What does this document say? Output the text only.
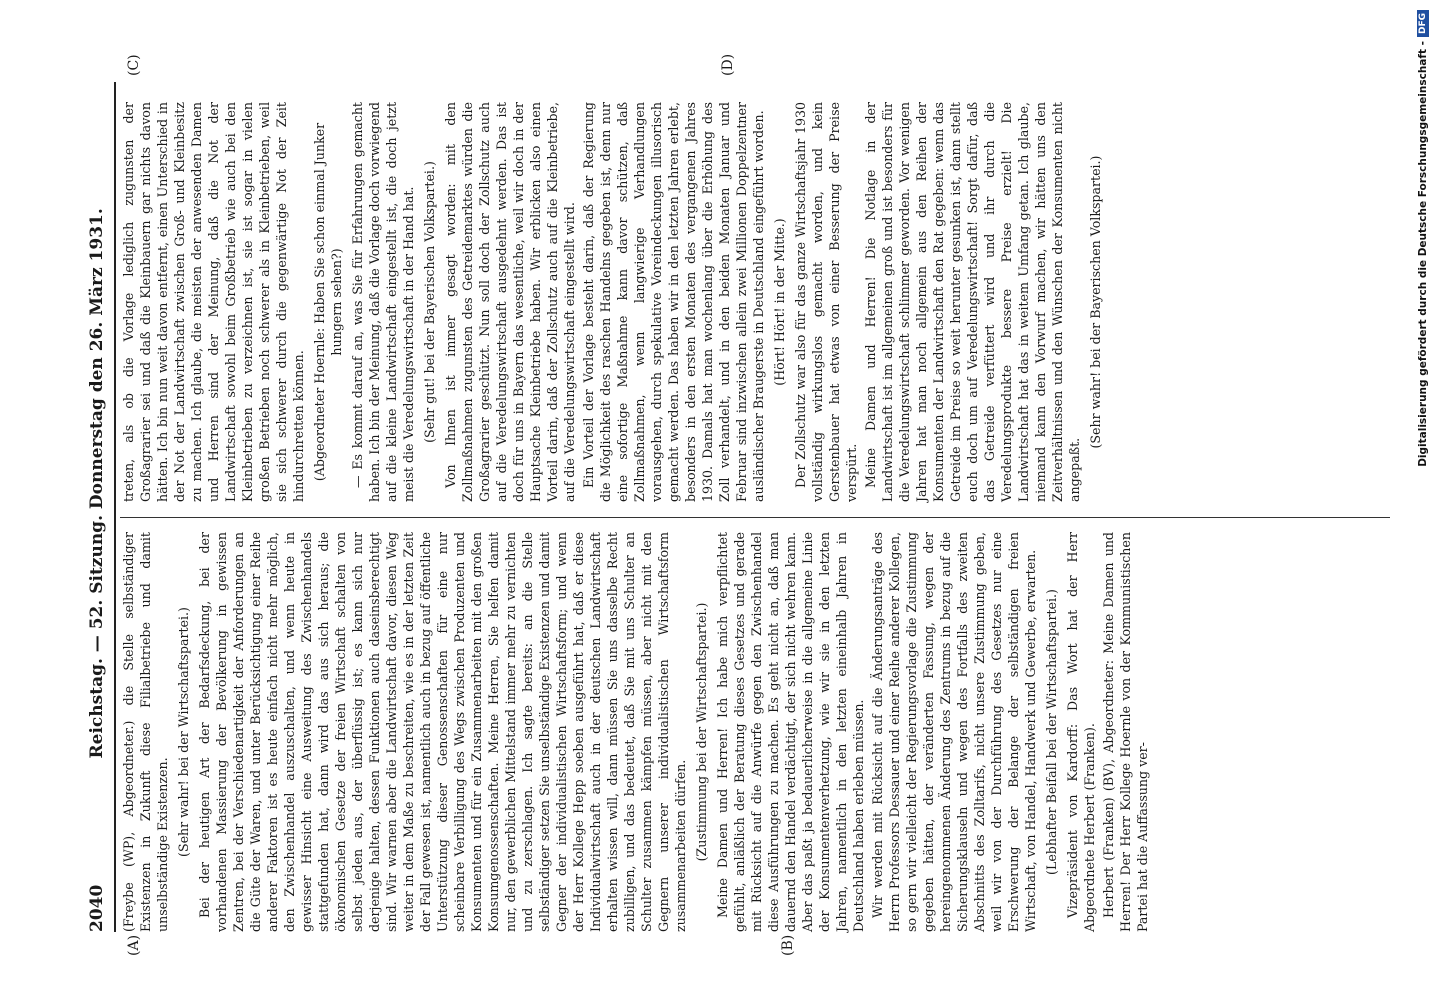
2040
Reichstag. — 52. Sitzung. Donnerstag den 26. März 1931.
(A)	(B)
(C)	(D)

(Freybe (WP), Abgeordneter.) die Stelle selbständiger Existenzen in Zukunft diese Filialbetriebe und damit unselbständige Existenzen. (Sehr wahr! bei der Wirtschaftspartei.) Bei der heutigen Art der Bedarfsdeckung, bei der vorhandenen Massierung der Bevölkerung in gewissen Zentren, bei der Verschiedenartigkeit der Anforderungen an die Güte der Waren, und unter Berücksichtigung einer Reihe anderer Faktoren ist es heute einfach nicht mehr möglich, den Zwischenhandel auszuschalten, und wenn heute in gewisser Hinsicht eine Ausweitung des Zwischenhandels stattgefunden hat, dann wird das aus sich heraus; die ökonomischen Gesetze der freien Wirtschaft schalten von selbst jeden aus, der überflüssig ist; es kann sich nur derjenige halten, dessen Funktionen auch daseinsberechtigt sind. Wir warnen aber die Landwirtschaft davor, diesen Weg weiter in dem Maße zu beschreiten, wie es in der letzten Zeit der Fall gewesen ist, namentlich auch in bezug auf öffentliche Unterstützung dieser Genossenschaften für eine nur scheinbare Verbilligung des Wegs zwischen Produzenten und Konsumenten und für ein Zusammenarbeiten mit den großen Konsumgenossenschaften. Meine Herren, Sie helfen damit nur, den gewerblichen Mittelstand immer mehr zu vernichten und zu zerschlagen. Ich sagte bereits: an die Stelle selbständiger setzen Sie unselbständige Existenzen und damit Gegner der individualistischen Wirtschaftsform; und wenn der Herr Kollege Hepp soeben ausgeführt hat, daß er diese Individualwirtschaft auch in der deutschen Landwirtschaft erhalten wissen will, dann müssen Sie uns dasselbe Recht zubilligen, und das bedeutet, daß Sie mit uns Schulter an Schulter zusammen kämpfen müssen, aber nicht mit den Gegnern unserer individualistischen Wirtschaftsform zusammenarbeiten dürfen. (Zustimmung bei der Wirtschaftspartei.) Meine Damen und Herren! Ich habe mich verpflichtet gefühlt, anläßlich der Beratung dieses Gesetzes und gerade mit Rücksicht auf die Anwürfe gegen den Zwischenhandel diese Ausführungen zu machen. Es geht nicht an, daß man dauernd den Handel verdächtigt, der sich nicht wehren kann. Aber das paßt ja bedauerlicherweise in die allgemeine Linie der Konsumentenverhetzung, wie wir sie in den letzten Jahren, namentlich in den letzten eineinhalb Jahren in Deutschland haben erleben müssen. Wir werden mit Rücksicht auf die Änderungsanträge des Herrn Professors Dessauer und einer Reihe anderer Kollegen, so gern wir vielleicht der Regierungsvorlage die Zustimmung gegeben hätten, der veränderten Fassung, wegen der hereingenommenen Änderung des Zentrums in bezug auf die Sicherungsklauseln und wegen des Fortfalls des zweiten Abschnitts des Zolltarifs, nicht unsere Zustimmung geben, weil wir von der Durchführung des Gesetzes nur eine Erschwerung der Belange der selbständigen freien Wirtschaft, von Handel, Handwerk und Gewerbe, erwarten. (Lebhafter Beifall bei der Wirtschaftspartei.) Vizepräsident von Kardorff: Das Wort hat der Herr Abgeordnete Herbert (Franken). Herbert (Franken) (BV), Abgeordneter: Meine Damen und Herren! Der Herr Kollege Hoernle von der Kommunistischen Partei hat die Auffassung ver-

treten, als ob die Vorlage lediglich zugunsten der Großagrarier sei und daß die Kleinbauern gar nichts davon hätten. Ich bin nun weit davon entfernt, einen Unterschied in der Not der Landwirtschaft zwischen Groß- und Kleinbesitz zu machen. Ich glaube, die meisten der anwesenden Damen und Herren sind der Meinung, daß die Not der Landwirtschaft sowohl beim Großbetrieb wie auch bei den Kleinbetrieben zu verzeichnen ist, sie ist sogar in vielen großen Betrieben noch schwerer als in Kleinbetrieben, weil sie sich schwerer durch die gegenwärtige Not der Zeit hindurchretten können. (Abgeordneter Hoernle: Haben Sie schon einmal Junker hungern sehen?) — Es kommt darauf an, was Sie für Erfahrungen gemacht haben. Ich bin der Meinung, daß die Vorlage doch vorwiegend auf die kleine Landwirtschaft eingestellt ist, die doch jetzt meist die Veredelungswirtschaft in der Hand hat. (Sehr gut! bei der Bayerischen Volkspartei.) Von Ihnen ist immer gesagt worden: mit den Zollmaßnahmen zugunsten des Getreidemarktes würden die Großagrarier geschützt. Nun soll doch der Zollschutz auch auf die Veredelungswirtschaft ausgedehnt werden. Das ist doch für uns in Bayern das wesentliche, weil wir doch in der Hauptsache Kleinbetriebe haben. Wir erblicken also einen Vorteil darin, daß der Zollschutz auch auf die Kleinbetriebe, auf die Veredelungswirtschaft eingestellt wird. Ein Vorteil der Vorlage besteht darin, daß der Regierung die Möglichkeit des raschen Handelns gegeben ist, denn nur eine sofortige Maßnahme kann davor schützen, daß Zollmaßnahmen, wenn langwierige Verhandlungen vorausgehen, durch spekulative Voreindeckungen illusorisch gemacht werden. Das haben wir in den letzten Jahren erlebt, besonders in den ersten Monaten des vergangenen Jahres 1930. Damals hat man wochenlang über die Erhöhung des Zoll verhandelt, und in den beiden Monaten Januar und Februar sind inzwischen allein zwei Millionen Doppelzentner ausländischer Braugerste in Deutschland eingeführt worden. (Hört! Hört! in der Mitte.) Der Zollschutz war also für das ganze Wirtschaftsjahr 1930 vollständig wirkungslos gemacht worden, und kein Gerstenbauer hat etwas von einer Besserung der Preise verspürt. Meine Damen und Herren! Die Notlage in der Landwirtschaft ist im allgemeinen groß und ist besonders für die Veredelungswirtschaft schlimmer geworden. Vor wenigen Jahren hat man noch allgemein aus den Reihen der Konsumenten der Landwirtschaft den Rat gegeben: wenn das Getreide im Preise so weit herunter gesunken ist, dann stellt euch doch um auf Veredelungswirtschaft! Sorgt dafür, daß das Getreide verfüttert wird und ihr durch die Veredelungsprodukte bessere Preise erzielt! Die Landwirtschaft hat das in weitem Umfang getan. Ich glaube, niemand kann den Vorwurf machen, wir hätten uns den Zeitverhältnissen und den Wünschen der Konsumenten nicht angepaßt.

(Sehr wahr! bei der Bayerischen Volkspartei.)	Digitalisierung gefördert durch die Deutsche Forschungsgemeinschaft -
DFG
